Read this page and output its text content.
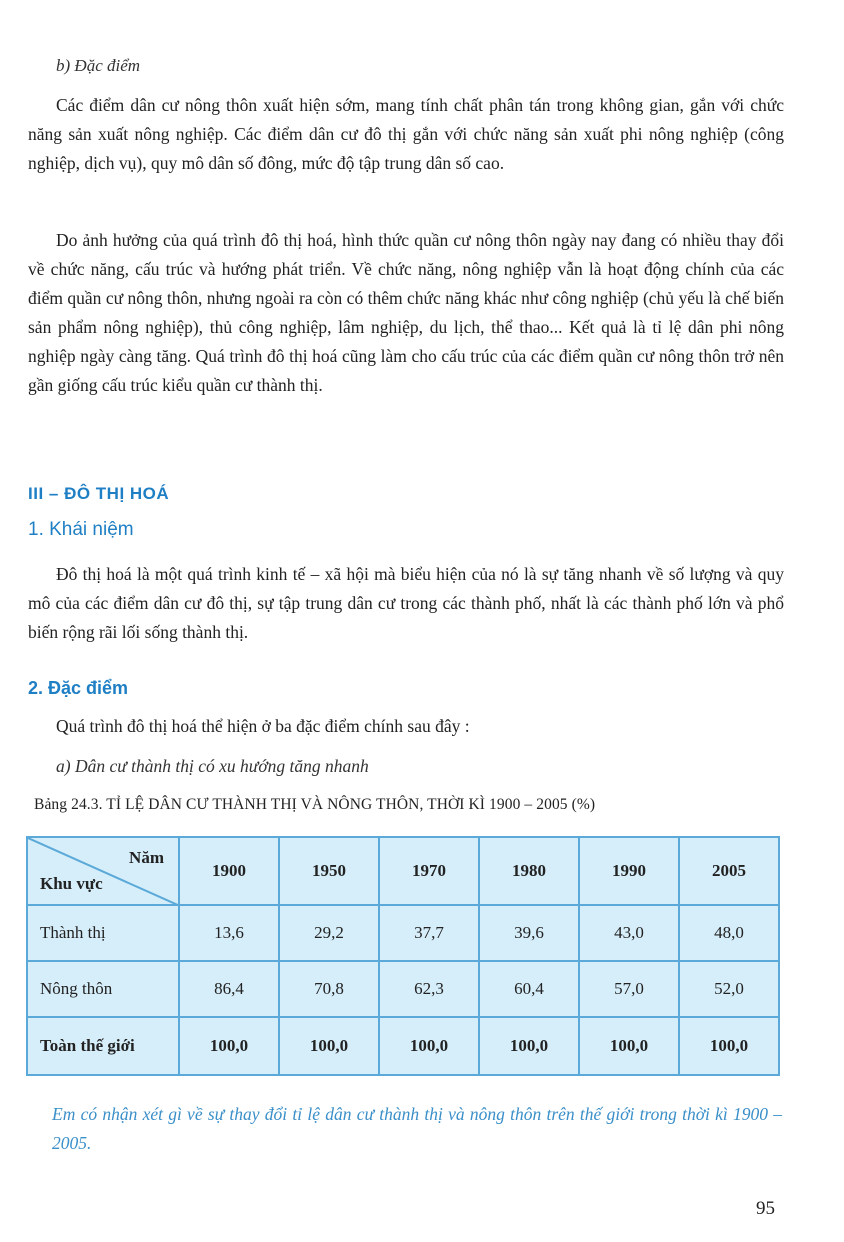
b) Đặc điểm

Các điểm dân cư nông thôn xuất hiện sớm, mang tính chất phân tán trong không gian, gắn với chức năng sản xuất nông nghiệp. Các điểm dân cư đô thị gắn với chức năng sản xuất phi nông nghiệp (công nghiệp, dịch vụ), quy mô dân số đông, mức độ tập trung dân số cao.

Do ảnh hưởng của quá trình đô thị hoá, hình thức quần cư nông thôn ngày nay đang có nhiều thay đổi về chức năng, cấu trúc và hướng phát triển. Về chức năng, nông nghiệp vẫn là hoạt động chính của các điểm quần cư nông thôn, nhưng ngoài ra còn có thêm chức năng khác như công nghiệp (chủ yếu là chế biến sản phẩm nông nghiệp), thủ công nghiệp, lâm nghiệp, du lịch, thể thao... Kết quả là tỉ lệ dân phi nông nghiệp ngày càng tăng. Quá trình đô thị hoá cũng làm cho cấu trúc của các điểm quần cư nông thôn trở nên gần giống cấu trúc kiểu quần cư thành thị.

III – ĐÔ THỊ HOÁ
1. Khái niệm

Đô thị hoá là một quá trình kinh tế – xã hội mà biểu hiện của nó là sự tăng nhanh về số lượng và quy mô của các điểm dân cư đô thị, sự tập trung dân cư trong các thành phố, nhất là các thành phố lớn và phổ biến rộng rãi lối sống thành thị.

2. Đặc điểm
Quá trình đô thị hoá thể hiện ở ba đặc điểm chính sau đây :
a) Dân cư thành thị có xu hướng tăng nhanh
Bảng 24.3. TỈ LỆ DÂN CƯ THÀNH THỊ VÀ NÔNG THÔN, THỜI KÌ 1900 – 2005 (%)
Năm
Khu vực	1900	1950	1970	1980	1990	2005
Thành thị	13,6	29,2	37,7	39,6	43,0	48,0
Nông thôn	86,4	70,8	62,3	60,4	57,0	52,0
Toàn thế giới	100,0	100,0	100,0	100,0	100,0	100,0
Em có nhận xét gì về sự thay đổi tỉ lệ dân cư thành thị và nông thôn trên thế giới trong thời kì 1900 – 2005.
95
